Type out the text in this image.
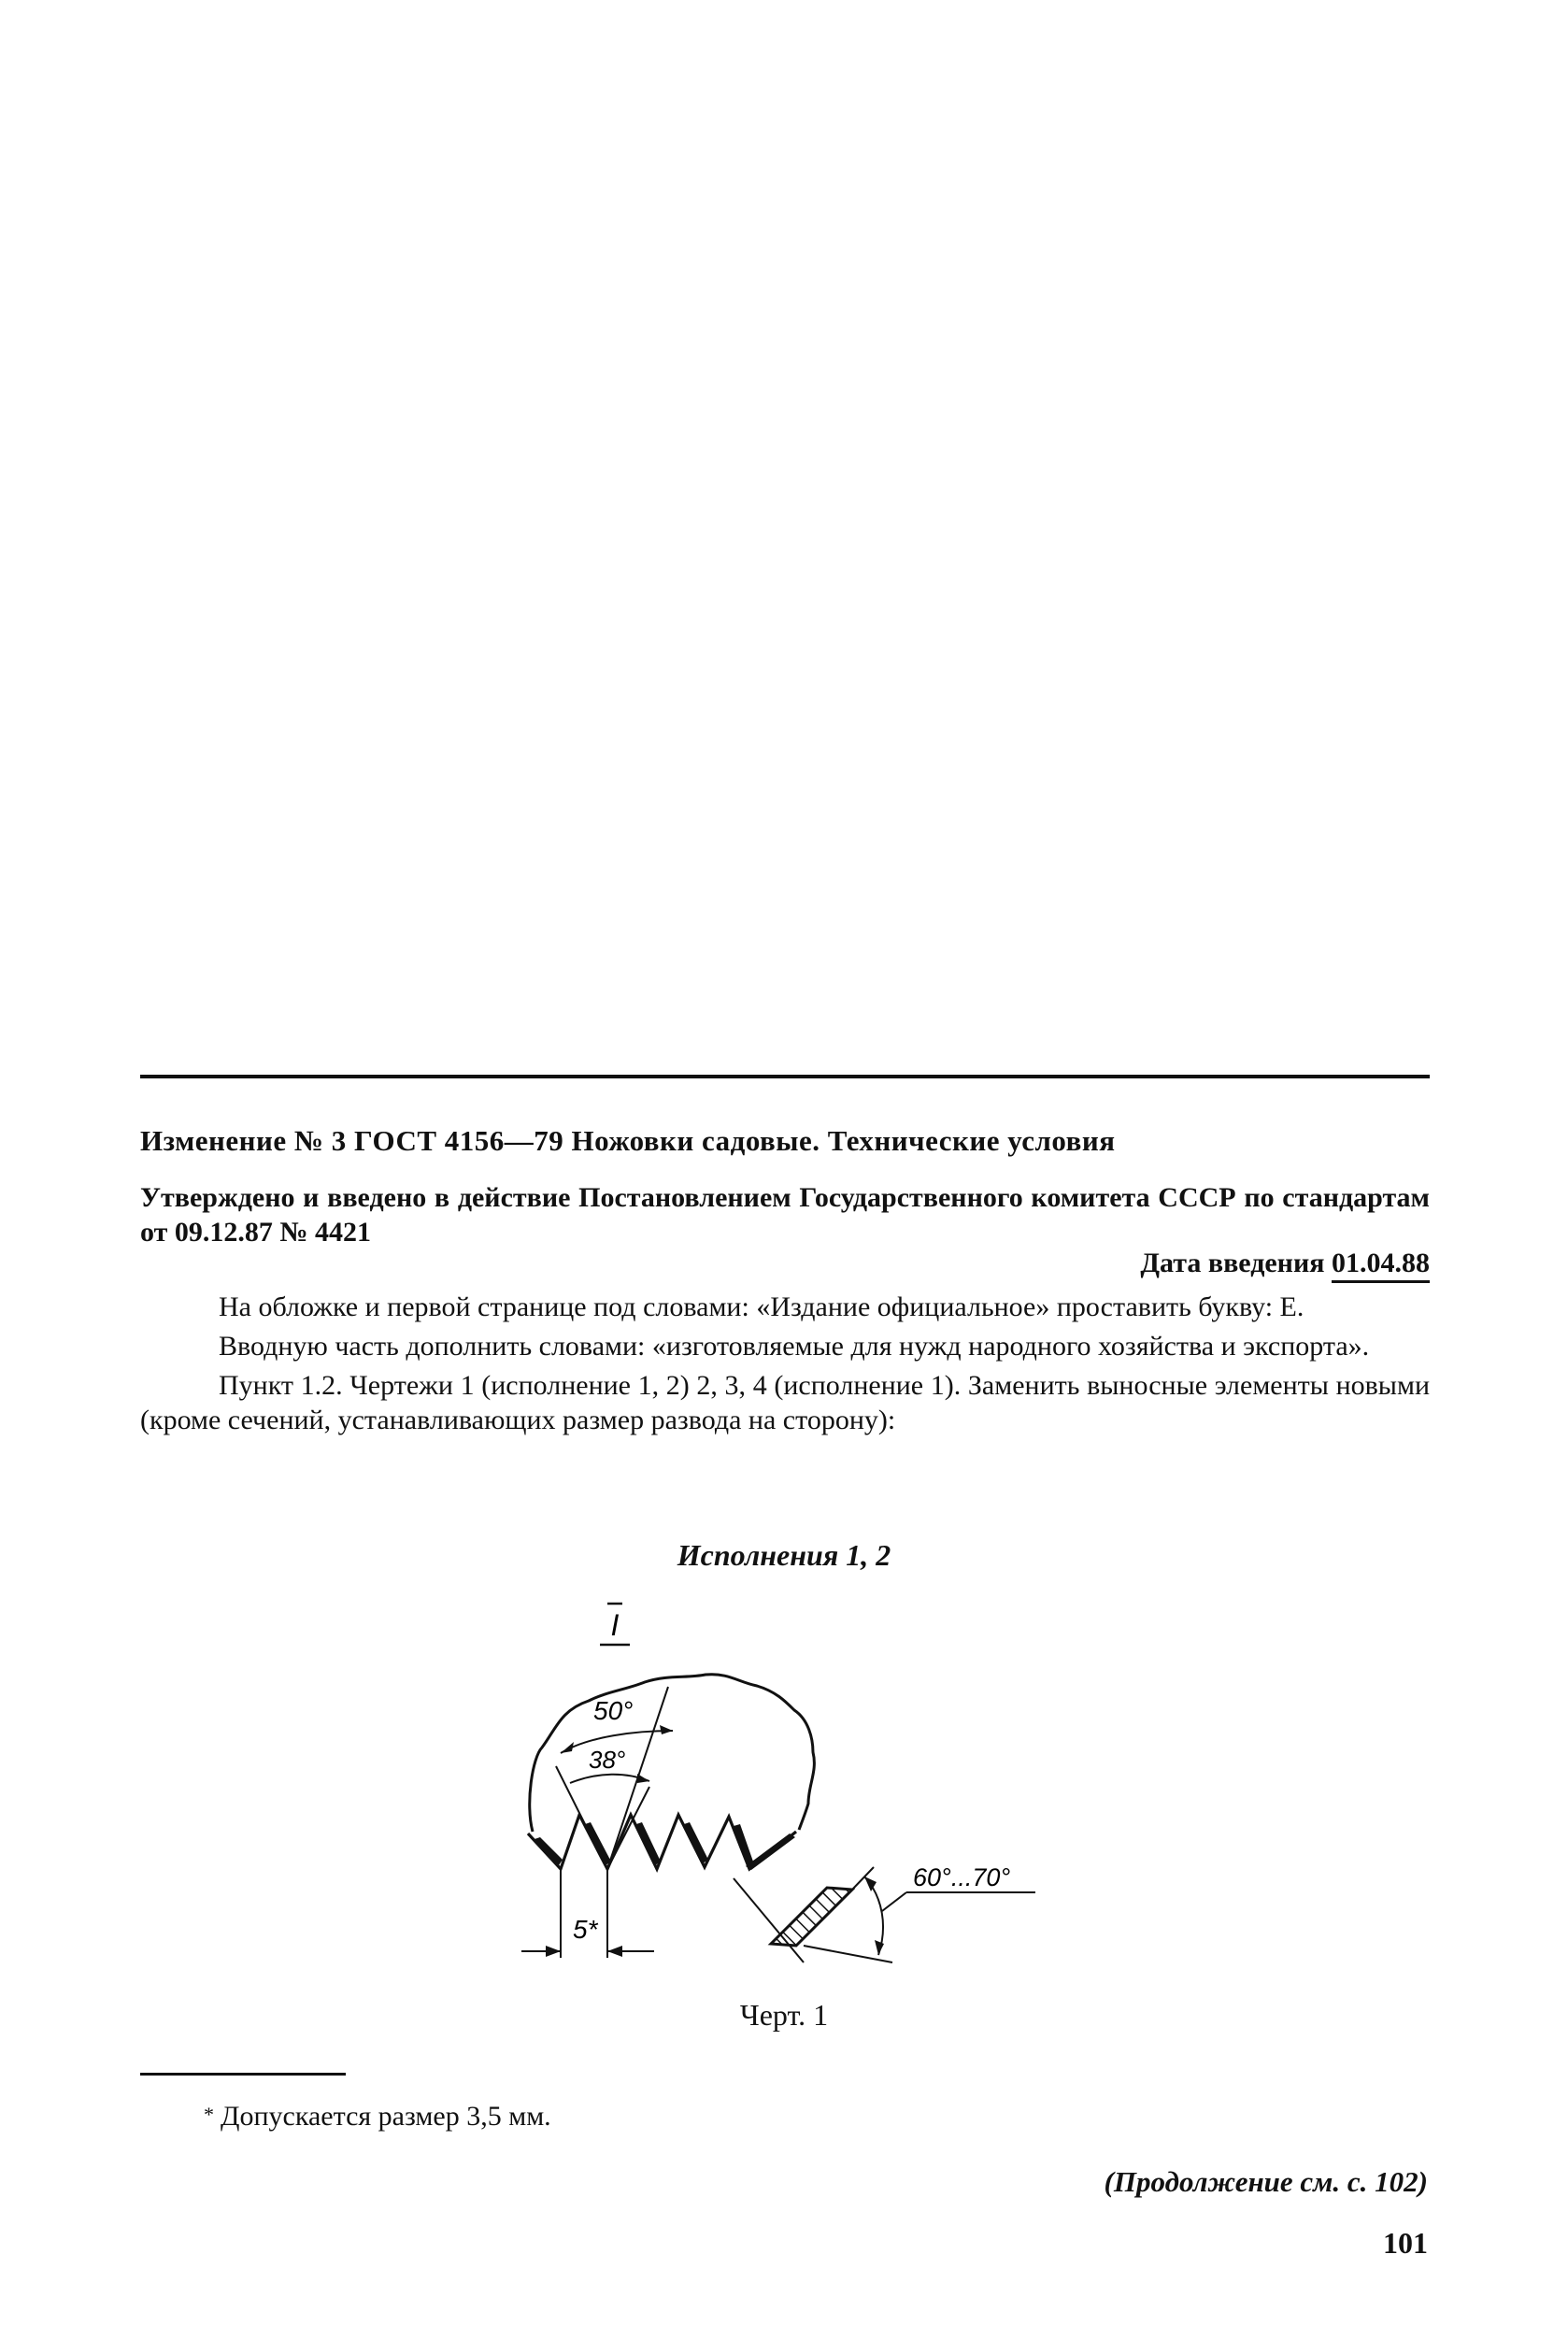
Изменение № 3 ГОСТ 4156—79 Ножовки садовые. Технические условия
Утверждено и введено в действие Постановлением Государственного комитета СССР по стандартам от 09.12.87 № 4421
Дата введения 01.04.88

На обложке и первой странице под словами: «Издание официальное» проставить букву: Е.

Вводную часть дополнить словами: «изготовляемые для нужд народного хозяйства и экспорта».

Пункт 1.2. Чертежи 1 (исполнение 1, 2) 2, 3, 4 (исполнение 1). Заменить выносные элементы новыми (кроме сечений, устанавливающих размер развода на сторону):

Исполнения 1, 2
I
50°
38°
5*
60°...70°
Черт. 1
* Допускается размер 3,5 мм.
(Продолжение см. с. 102)
101
